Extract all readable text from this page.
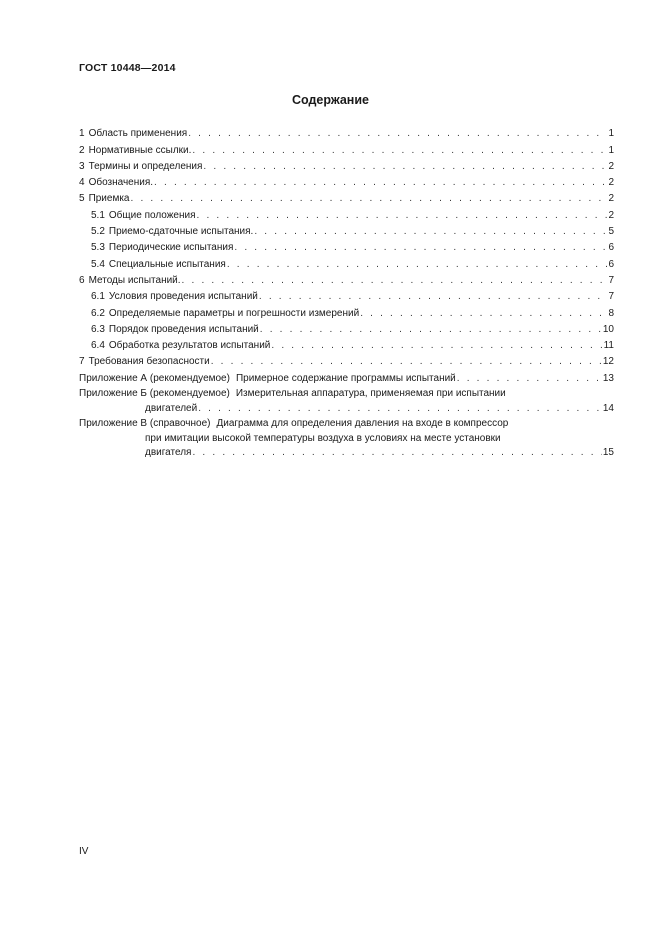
ГОСТ 10448—2014
Содержание
1 Область применения . . .	1
2 Нормативные ссылки. . . .	1
3 Термины и определения . . .	2
4 Обозначения. . . .	2
5 Приемка . . .	2
5.1 Общие положения . . .	2
5.2 Приемо-сдаточные испытания. . . .	5
5.3 Периодические испытания . . .	6
5.4 Специальные испытания . . .	6
6 Методы испытаний. . . .	7
6.1 Условия проведения испытаний . . .	7
6.2 Определяемые параметры и погрешности измерений . . .	8
6.3 Порядок проведения испытаний . . .	10
6.4 Обработка результатов испытаний . . .	11
7 Требования безопасности . . .	12
Приложение А (рекомендуемое) Примерное содержание программы испытаний . . .	13
Приложение Б (рекомендуемое) Измерительная аппаратура, применяемая при испытании
двигателей . . .	14
Приложение В (справочное) Диаграмма для определения давления на входе в компрессор
при имитации высокой температуры воздуха в условиях на месте установки
двигателя . . .	15
IV
